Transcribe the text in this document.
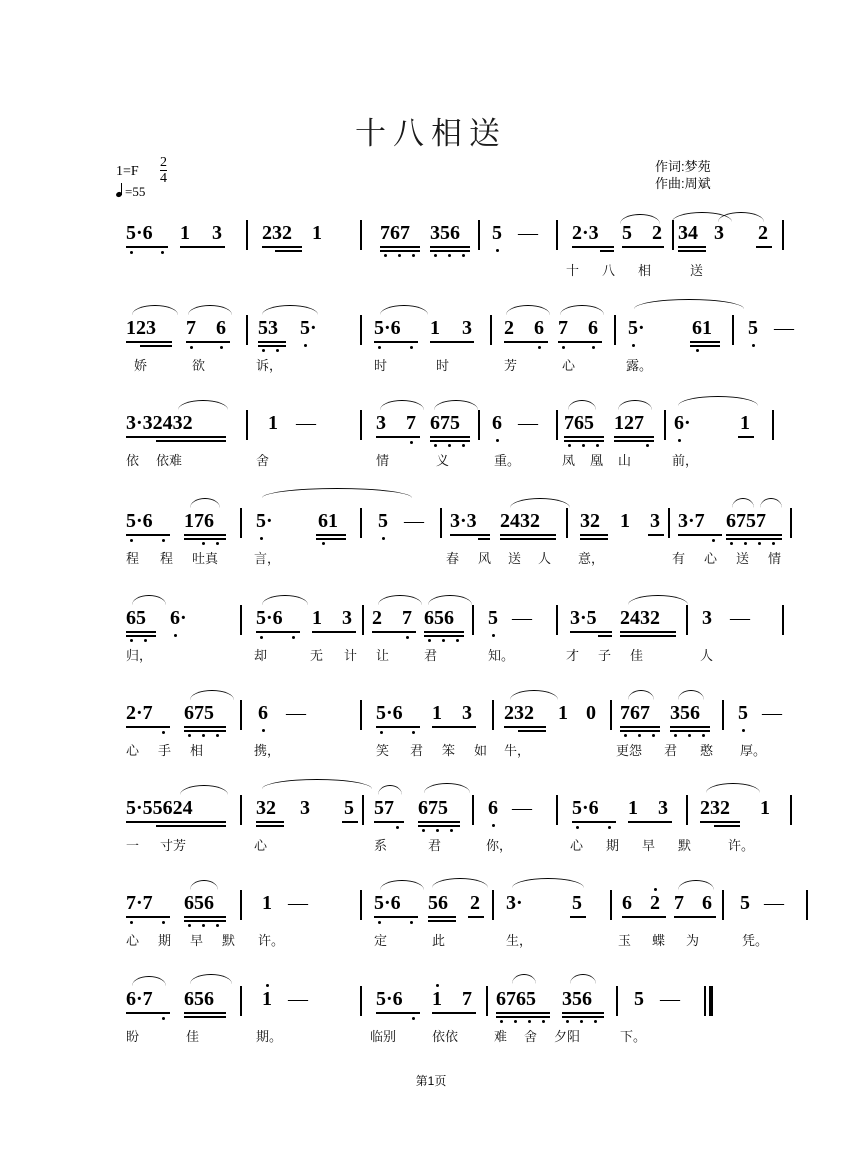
十八相送
作词:梦苑
作曲:周斌
$1=F \frac{2}{4}$
=55
5·6 1 3 232 1	767 356 5 — 2·3 5 2 34 3 2
十 八 相	送
123 7 6 53 5·	5·6 1 3 2 6 7 6 5· 61 5 —
娇	欲	诉，	时	时	芳	心	露。
3·32432	1 —	3 7 675 6 — 765 127 6· 1
依 依难	舍	情	义	重。	凤 凰 山	前，
5·6 176 5· 61 5 — 3·3 2432 32 1 3 3·7 6757
程 程 吐真	言，	春 风 送 人 意，	有 心 送 情
65 6·	5·6 1 3 2 7 656 5 — 3·5 2432 3 —
归，	却	无 计 让	君	知。	才 子 佳	人
2·7 675 6 —	5·6 1 3 232 1 0 767 356 5 —
心 手 相	携，	笑 君 笨 如 牛，	更怨 君 憨 厚。
5·55624	32 3 5 57 675 6 — 5·6 1 3 232 1
一 寸芳	心	系	君	你，	心 期 早 默	许。
7·7 656 1 —	5·6 56 2 3· 5 6 2 7 6 5 —
心 期 早 默 许。	定	此	生，	玉 蝶 为	凭。
6·7 656 1 —	5·6 1 7 6765 356 5 —
盼	佳	期。	临别	依依	难 舍 夕阳	下。
第1页
